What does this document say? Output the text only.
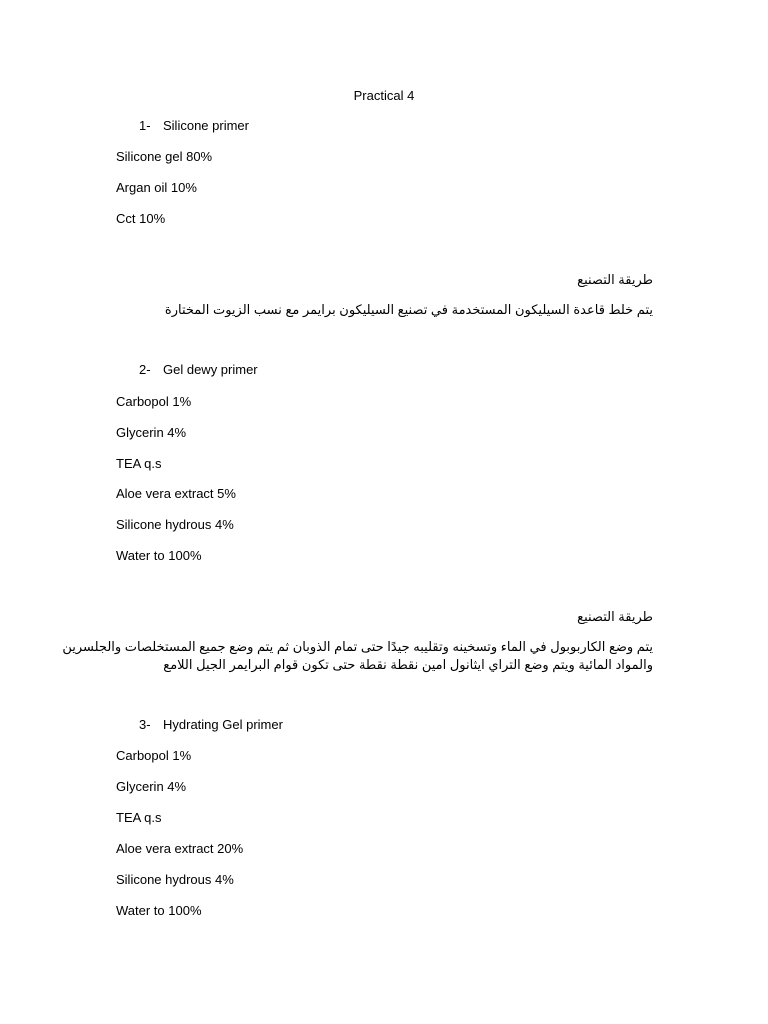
Practical 4
1- Silicone primer
Silicone gel 80%
Argan oil 10%
Cct 10%
طريقة التصنيع
يتم خلط قاعدة السيليكون المستخدمة في تصنيع السيليكون برايمر مع نسب الزيوت المختارة
2- Gel dewy primer
Carbopol 1%
Glycerin 4%
TEA q.s
Aloe vera extract 5%
Silicone hydrous 4%
Water to 100%
طريقة التصنيع
يتم وضع الكاربوبول في الماء وتسخينه وتقليبه جيدًا حتى تمام الذوبان ثم يتم وضع جميع المستخلصات والجلسرين
والمواد المائية ويتم وضع التراي ايثانول امين نقطة نقطة حتى تكون قوام البرايمر الجيل اللامع
3- Hydrating Gel primer
Carbopol 1%
Glycerin 4%
TEA q.s
Aloe vera extract 20%
Silicone hydrous 4%
Water to 100%
